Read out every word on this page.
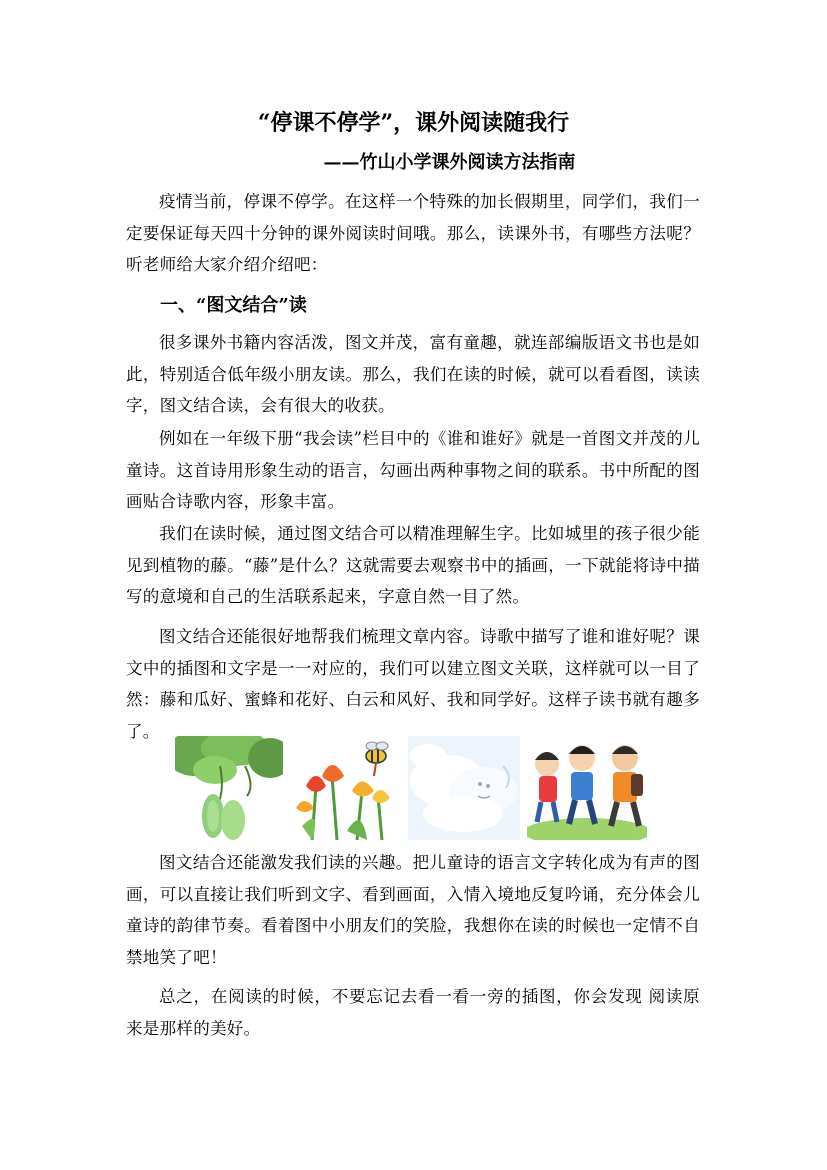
“停课不停学”，课外阅读随我行
——竹山小学课外阅读方法指南

疫情当前，停课不停学。在这样一个特殊的加长假期里，同学们，我们一定要保证每天四十分钟的课外阅读时间哦。那么，读课外书，有哪些方法呢？听老师给大家介绍介绍吧：

一、“图文结合”读

很多课外书籍内容活泼，图文并茂，富有童趣，就连部编版语文书也是如此，特别适合低年级小朋友读。那么，我们在读的时候，就可以看看图，读读字，图文结合读，会有很大的收获。

例如在一年级下册“我会读”栏目中的《谁和谁好》就是一首图文并茂的儿童诗。这首诗用形象生动的语言，勾画出两种事物之间的联系。书中所配的图画贴合诗歌内容，形象丰富。

我们在读时候，通过图文结合可以精准理解生字。比如城里的孩子很少能见到植物的藤。“藤”是什么？这就需要去观察书中的插画，一下就能将诗中描写的意境和自己的生活联系起来，字意自然一目了然。

图文结合还能很好地帮我们梳理文章内容。诗歌中描写了谁和谁好呢？课文中的插图和文字是一一对应的，我们可以建立图文关联，这样就可以一目了然：藤和瓜好、蜜蜂和花好、白云和风好、我和同学好。这样子读书就有趣多了。

图文结合还能激发我们读的兴趣。把儿童诗的语言文字转化成为有声的图画，可以直接让我们听到文字、看到画面，入情入境地反复吟诵，充分体会儿童诗的韵律节奏。看着图中小朋友们的笑脸，我想你在读的时候也一定情不自禁地笑了吧！

总之，在阅读的时候，不要忘记去看一看一旁的插图，你会发现 阅读原来是那样的美好。
